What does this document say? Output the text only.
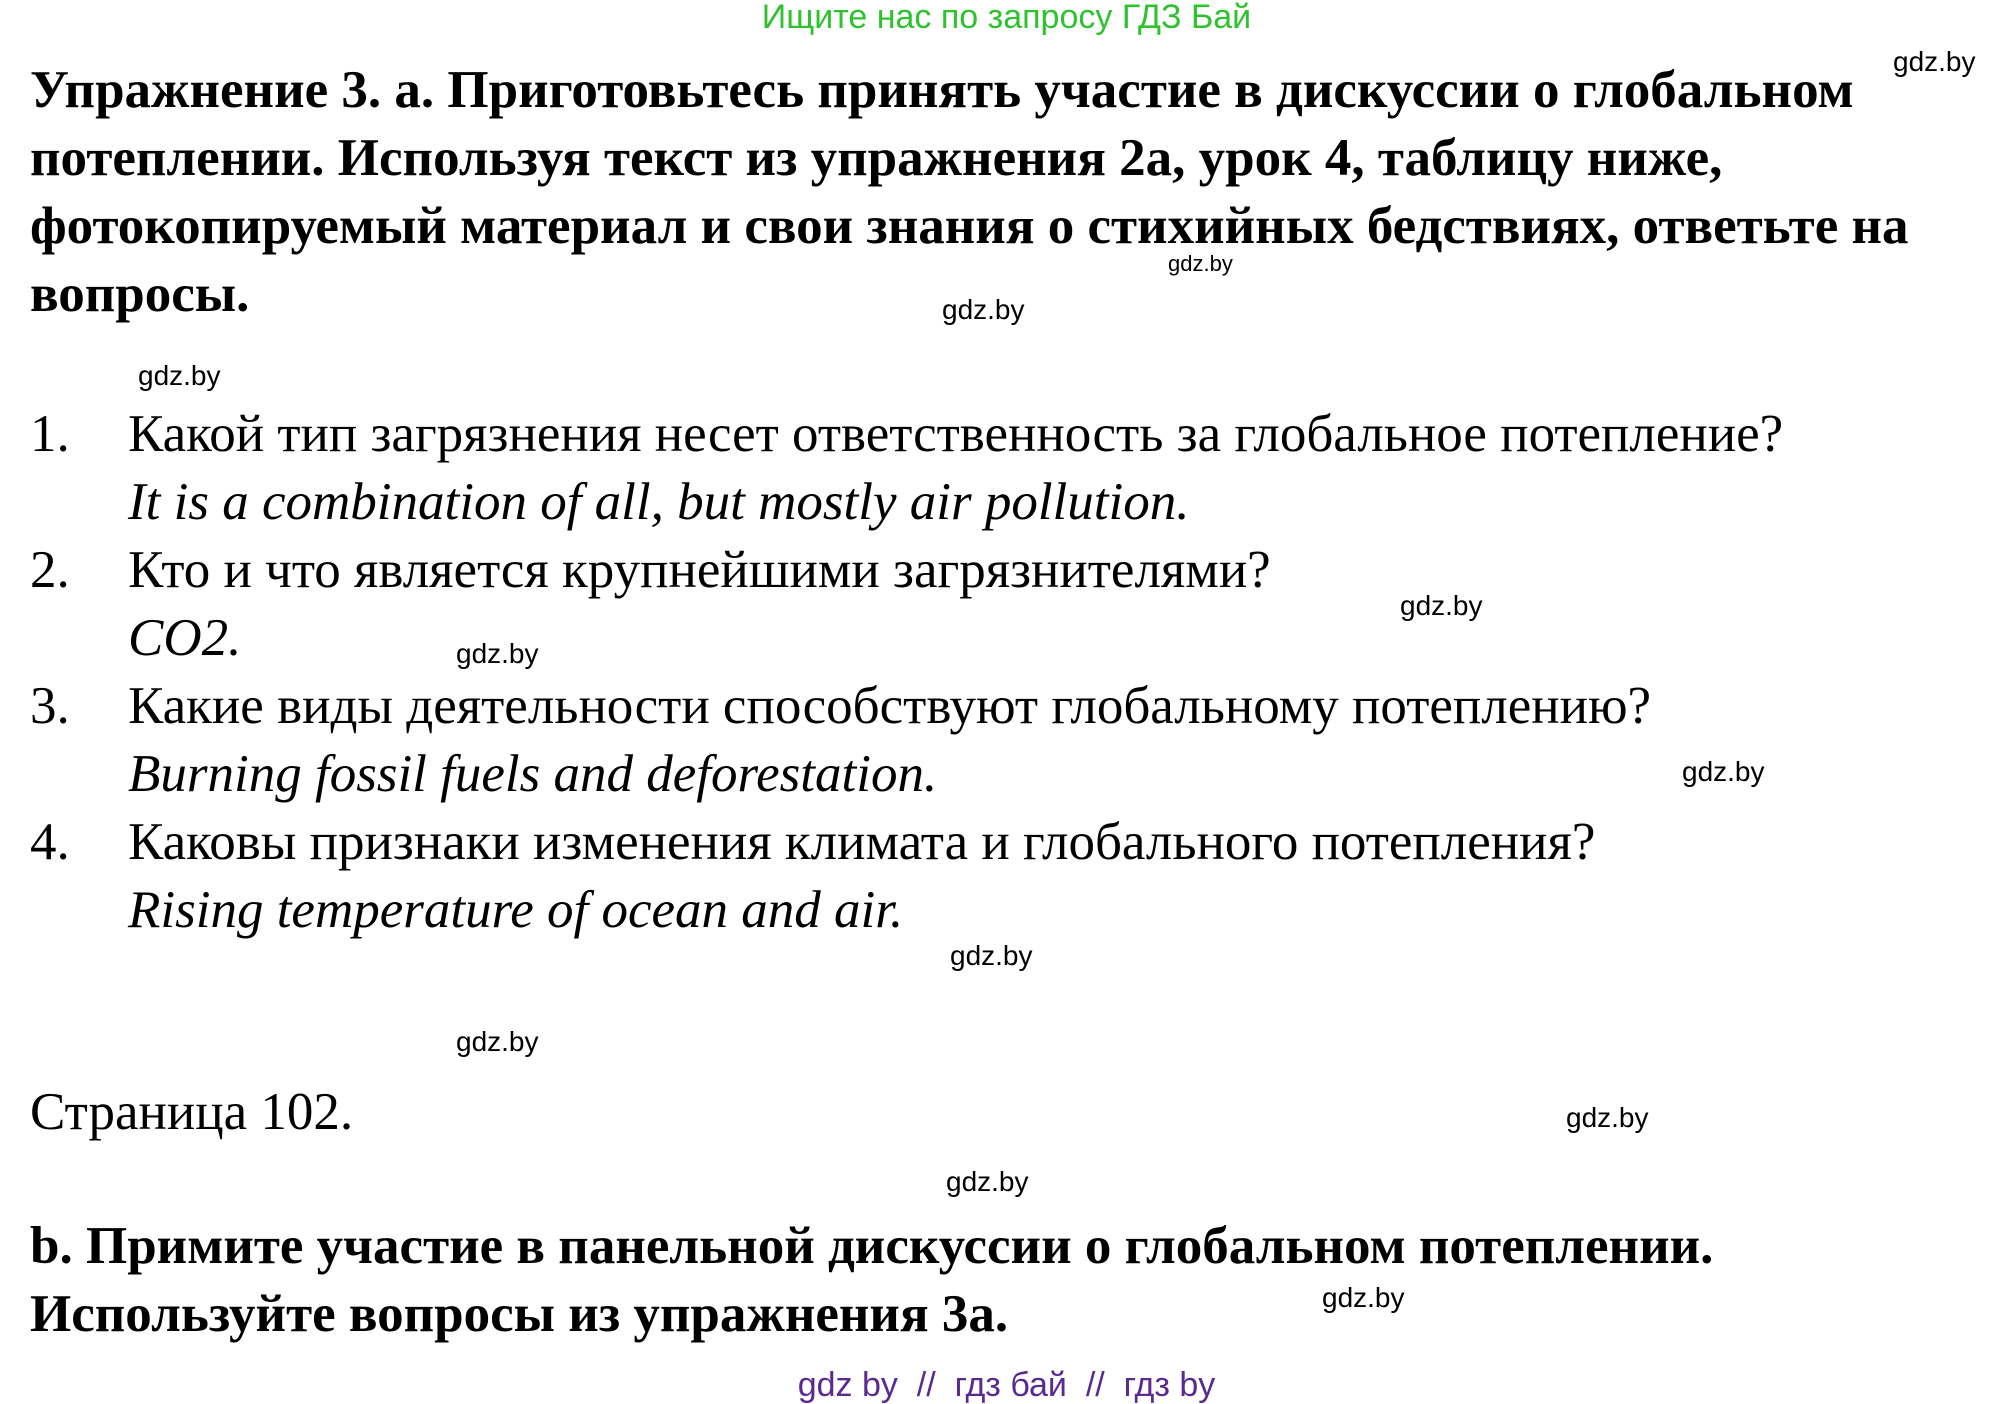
Ищите нас по запросу ГДЗ Бай
Упражнение 3. a. Приготовьтесь принять участие в дискуссии о глобальном потеплении. Используя текст из упражнения 2a, урок 4, таблицу ниже, фотокопируемый материал и свои знания о стихийных бедствиях, ответьте на вопросы.
1. Какой тип загрязнения несет ответственность за глобальное потепление?
It is a combination of all, but mostly air pollution.
2. Кто и что является крупнейшими загрязнителями?
CO2.
3. Какие виды деятельности способствуют глобальному потеплению?
Burning fossil fuels and deforestation.
4. Каковы признаки изменения климата и глобального потепления?
Rising temperature of ocean and air.
Страница 102.
b. Примите участие в панельной дискуссии о глобальном потеплении. Используйте вопросы из упражнения 3a.
gdz.by
gdz.by
gdz.by
gdz.by
gdz.by
gdz.by
gdz.by
gdz.by
gdz.by
gdz.by
gdz.by
gdz.by
gdz by  //  гдз бай  //  гдз by
